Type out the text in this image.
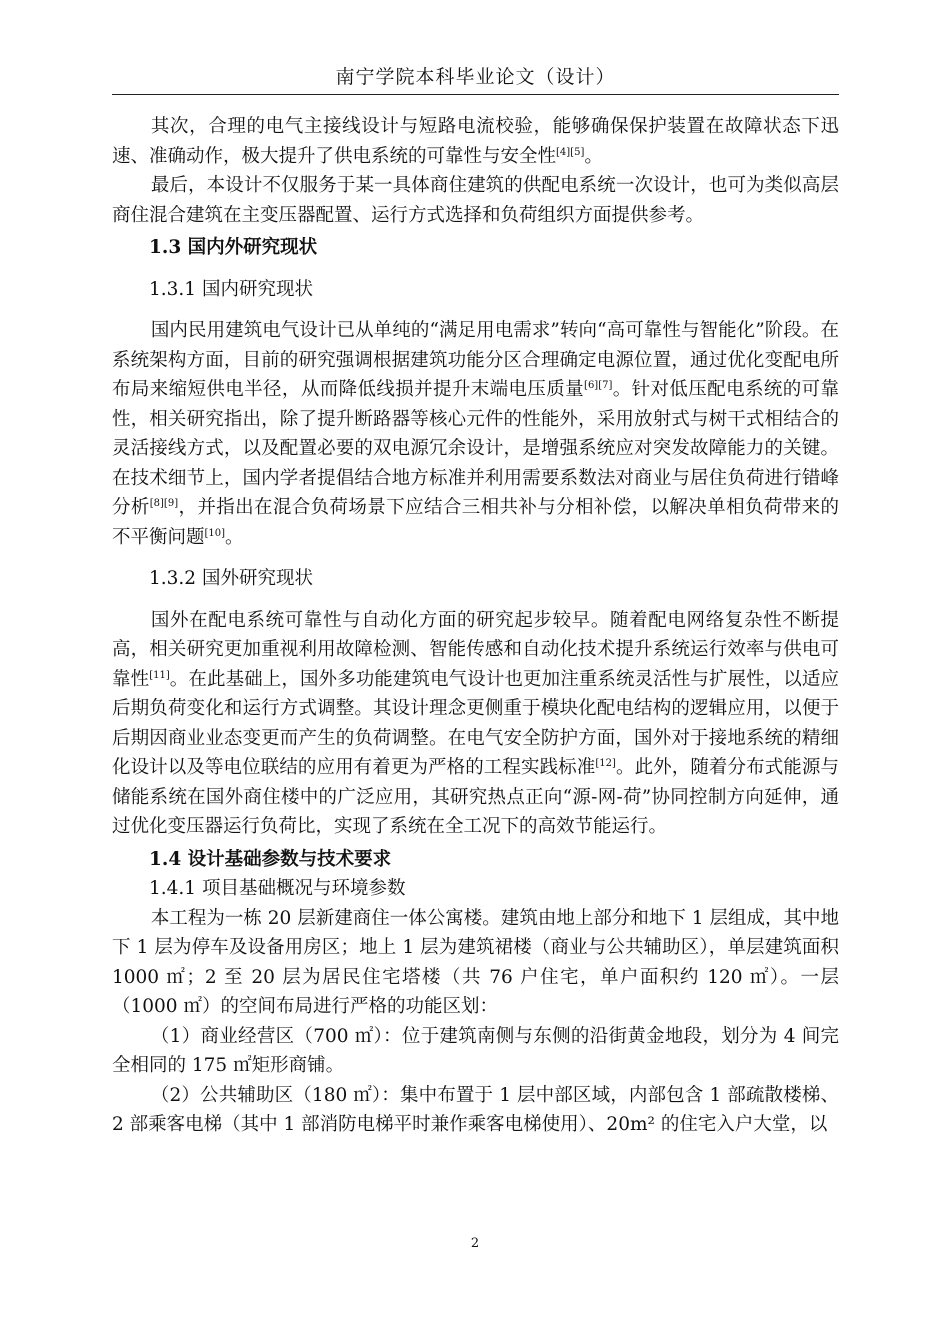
南宁学院本科毕业论文（设计）

其次，合理的电气主接线设计与短路电流校验，能够确保保护装置在故障状态下迅速、准确动作，极大提升了供电系统的可靠性与安全性[4][5]。

最后，本设计不仅服务于某一具体商住建筑的供配电系统一次设计，也可为类似高层商住混合建筑在主变压器配置、运行方式选择和负荷组织方面提供参考。

1.3 国内外研究现状

1.3.1 国内研究现状

国内民用建筑电气设计已从单纯的“满足用电需求”转向“高可靠性与智能化”阶段。在系统架构方面，目前的研究强调根据建筑功能分区合理确定电源位置，通过优化变配电所布局来缩短供电半径，从而降低线损并提升末端电压质量[6][7]。针对低压配电系统的可靠性，相关研究指出，除了提升断路器等核心元件的性能外，采用放射式与树干式相结合的灵活接线方式，以及配置必要的双电源冗余设计，是增强系统应对突发故障能力的关键。在技术细节上，国内学者提倡结合地方标准并利用需要系数法对商业与居住负荷进行错峰分析[8][9]，并指出在混合负荷场景下应结合三相共补与分相补偿，以解决单相负荷带来的不平衡问题[10]。

1.3.2 国外研究现状

国外在配电系统可靠性与自动化方面的研究起步较早。随着配电网络复杂性不断提高，相关研究更加重视利用故障检测、智能传感和自动化技术提升系统运行效率与供电可靠性[11]。在此基础上，国外多功能建筑电气设计也更加注重系统灵活性与扩展性，以适应后期负荷变化和运行方式调整。其设计理念更侧重于模块化配电结构的逻辑应用，以便于后期因商业业态变更而产生的负荷调整。在电气安全防护方面，国外对于接地系统的精细化设计以及等电位联结的应用有着更为严格的工程实践标准[12]。此外，随着分布式能源与储能系统在国外商住楼中的广泛应用，其研究热点正向“源-网-荷”协同控制方向延伸，通过优化变压器运行负荷比，实现了系统在全工况下的高效节能运行。

1.4 设计基础参数与技术要求

1.4.1 项目基础概况与环境参数

本工程为一栋 20 层新建商住一体公寓楼。建筑由地上部分和地下 1 层组成，其中地下 1 层为停车及设备用房区；地上 1 层为建筑裙楼（商业与公共辅助区），单层建筑面积 1000 ㎡；2 至 20 层为居民住宅塔楼（共 76 户住宅，单户面积约 120 ㎡）。一层（1000 ㎡）的空间布局进行严格的功能区划：

（1）商业经营区（700 ㎡）：位于建筑南侧与东侧的沿街黄金地段，划分为 4 间完全相同的 175 ㎡矩形商铺。

（2）公共辅助区（180 ㎡）：集中布置于 1 层中部区域，内部包含 1 部疏散楼梯、2 部乘客电梯（其中 1 部消防电梯平时兼作乘客电梯使用）、20m² 的住宅入户大堂，以

2
